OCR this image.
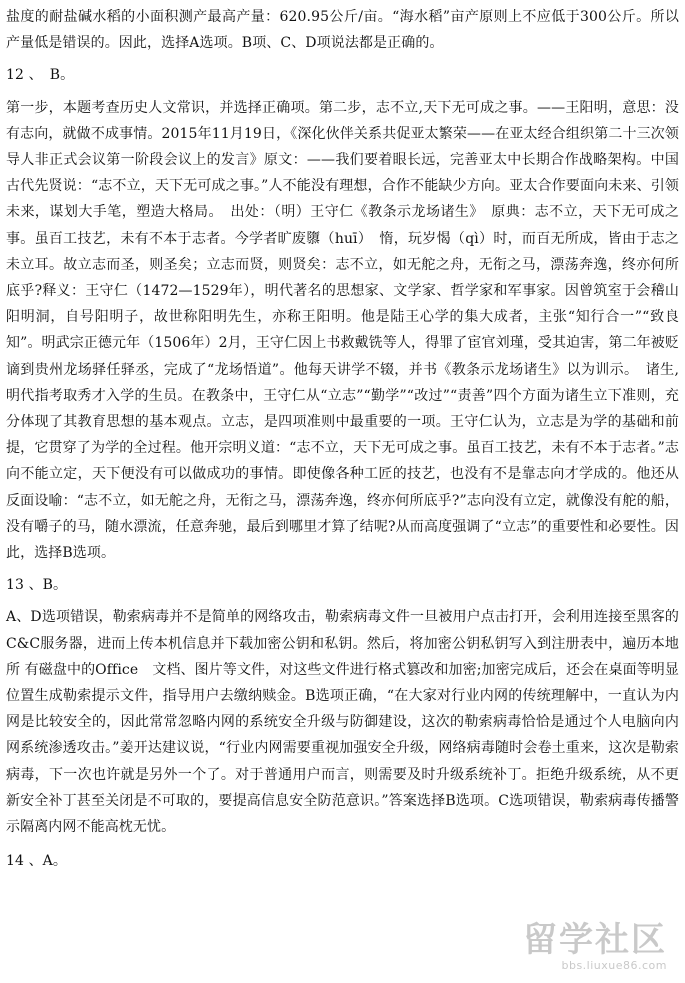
盐度的耐盐碱水稻的小面积测产最高产量：620.95公斤/亩。“海水稻”亩产原则上不应低于300公斤。所以产量低是错误的。因此，选择A选项。B项、C、D项说法都是正确的。

12 、　B。

第一步，本题考查历史人文常识，并选择正确项。第二步，志不立,天下无可成之事。——王阳明，意思：没有志向，就做不成事情。2015年11月19日，《深化伙伴关系共促亚太繁荣——在亚太经合组织第二十三次领导人非正式会议第一阶段会议上的发言》原文：——我们要着眼长远，完善亚太中长期合作战略架构。中国古代先贤说：“志不立，天下无可成之事。”人不能没有理想，合作不能缺少方向。亚太合作要面向未来、引领未来，谋划大手笔，塑造大格局。　出处：（明）王守仁《教条示龙场诸生》　原典：志不立，天下无可成之事。虽百工技艺，未有不本于志者。今学者旷废隳（huī）　惰，玩岁愒（qì）时，而百无所成，皆由于志之未立耳。故立志而圣，则圣矣；立志而贤，则贤矣：志不立，如无舵之舟，无衔之马，漂荡奔逸，终亦何所底乎?释义：王守仁（1472—1529年），明代著名的思想家、文学家、哲学家和军事家。因曾筑室于会稽山阳明洞，自号阳明子，故世称阳明先生，亦称王阳明。他是陆王心学的集大成者，主张“知行合一”“致良知”。明武宗正德元年（1506年）2月，王守仁因上书救戴铣等人，得罪了宦官刘瑾，受其迫害，第二年被贬谪到贵州龙场驿任驿丞，完成了“龙场悟道”。他每天讲学不辍，并书《教条示龙场诸生》以为训示。　诸生,明代指考取秀才入学的生员。在教条中，王守仁从“立志”“勤学”“改过”“责善”四个方面为诸生立下准则，充分体现了其教育思想的基本观点。立志，是四项准则中最重要的一项。王守仁认为，立志是为学的基础和前提，它贯穿了为学的全过程。他开宗明义道：“志不立，天下无可成之事。虽百工技艺，未有不本于志者。”志向不能立定，天下便没有可以做成功的事情。即使像各种工匠的技艺，也没有不是靠志向才学成的。他还从反面设喻：“志不立，如无舵之舟，无衔之马，漂荡奔逸，终亦何所底乎?”志向没有立定，就像没有舵的船，没有嚼子的马，随水漂流，任意奔驰，最后到哪里才算了结呢?从而高度强调了“立志”的重要性和必要性。因此，选择B选项。

13 、B。

A、D选项错误，勒索病毒并不是简单的网络攻击，勒索病毒文件一旦被用户点击打开，会利用连接至黑客的C&C服务器，进而上传本机信息并下载加密公钥和私钥。然后，将加密公钥私钥写入到注册表中，遍历本地所 有磁盘中的Office　文档、图片等文件，对这些文件进行格式篡改和加密;加密完成后，还会在桌面等明显位置生成勒索提示文件，指导用户去缴纳赎金。B选项正确，“在大家对行业内网的传统理解中，一直认为内网是比较安全的，因此常常忽略内网的系统安全升级与防御建设，这次的勒索病毒恰恰是通过个人电脑向内网系统渗透攻击。”姜开达建议说，“行业内网需要重视加强安全升级，网络病毒随时会卷土重来，这次是勒索病毒，下一次也许就是另外一个了。对于普通用户而言，则需要及时升级系统补丁。拒绝升级系统，从不更新安全补丁甚至关闭是不可取的，要提高信息安全防范意识。”答案选择B选项。C选项错误，勒索病毒传播警示隔离内网不能高枕无忧。

14 、A。

留学社区
bbs.liuxue86.com
